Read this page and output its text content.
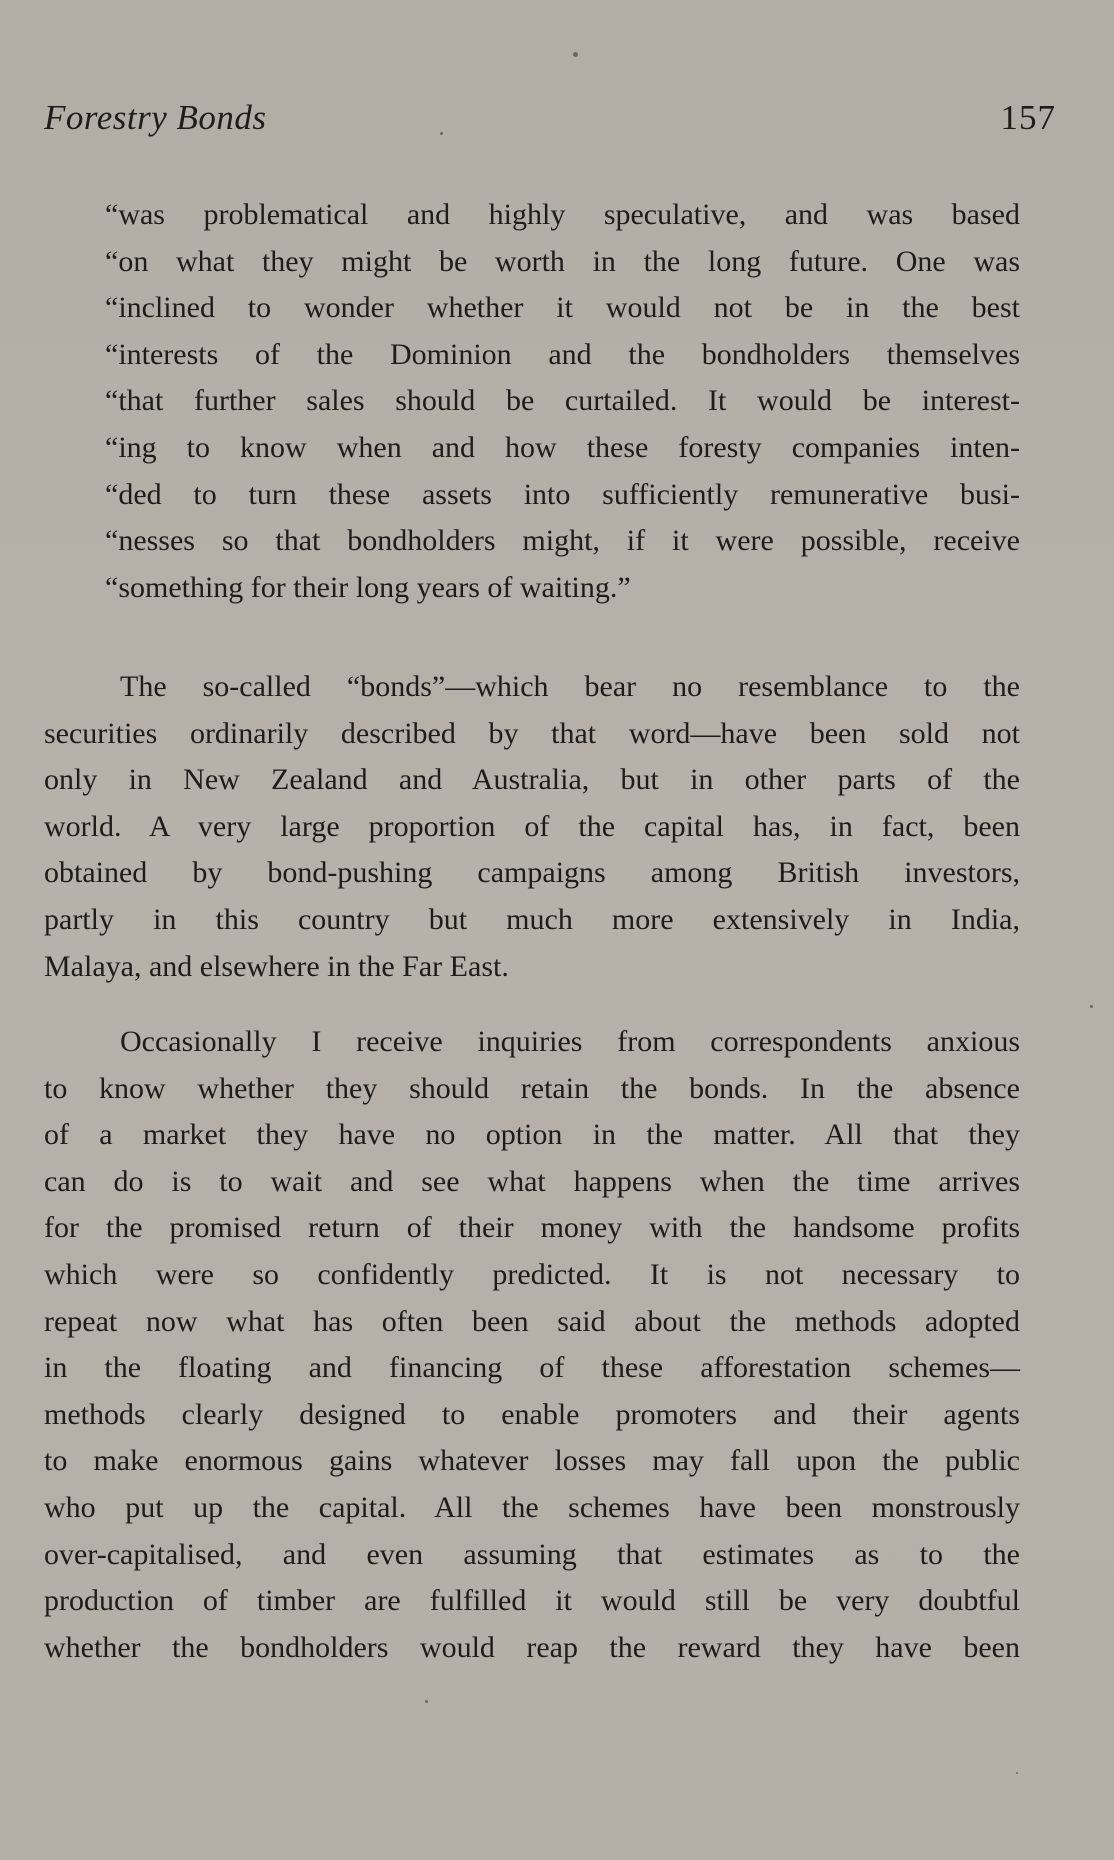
Forestry Bonds	157
“was problematical and highly speculative, and was based
“on what they might be worth in the long future. One was
“inclined to wonder whether it would not be in the best
“interests of the Dominion and the bondholders themselves
“that further sales should be curtailed. It would be interest-
“ing to know when and how these foresty companies inten-
“ded to turn these assets into sufficiently remunerative busi-
“nesses so that bondholders might, if it were possible, receive
“something for their long years of waiting.”
The so-called “bonds”—which bear no resemblance to the
securities ordinarily described by that word—have been sold not
only in New Zealand and Australia, but in other parts of the
world. A very large proportion of the capital has, in fact, been
obtained by bond-pushing campaigns among British investors,
partly in this country but much more extensively in India,
Malaya, and elsewhere in the Far East.
Occasionally I receive inquiries from correspondents anxious
to know whether they should retain the bonds. In the absence
of a market they have no option in the matter. All that they
can do is to wait and see what happens when the time arrives
for the promised return of their money with the handsome profits
which were so confidently predicted. It is not necessary to
repeat now what has often been said about the methods adopted
in the floating and financing of these afforestation schemes—
methods clearly designed to enable promoters and their agents
to make enormous gains whatever losses may fall upon the public
who put up the capital. All the schemes have been monstrously
over-capitalised, and even assuming that estimates as to the
production of timber are fulfilled it would still be very doubtful
whether the bondholders would reap the reward they have been
